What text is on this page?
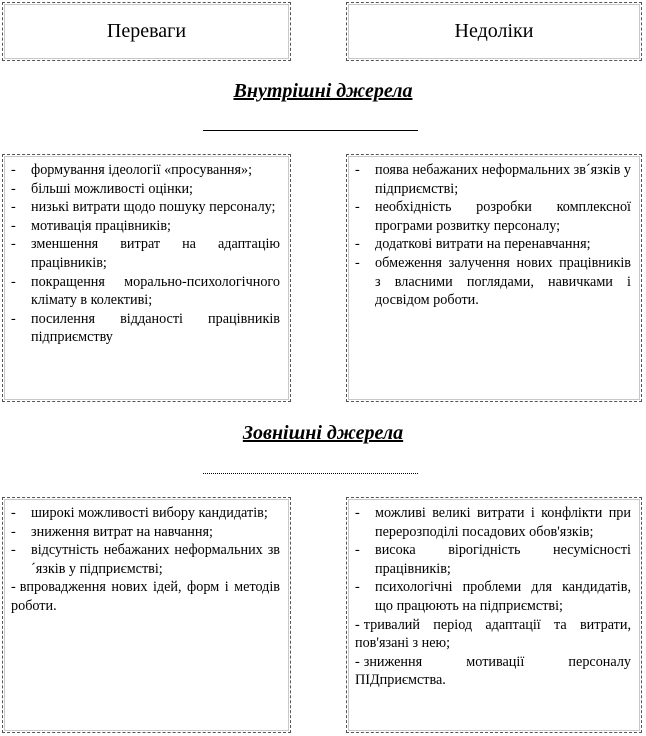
Переваги	Недоліки
Внутрішні джерела
- формування ідеології «просування»;
- більші можливості оцінки;
- низькі витрати щодо пошуку персоналу;
- мотивація працівників;
- зменшення витрат на адаптацію працівників;
- покращення морально-психологічного клімату в колективі;
- посилення відданості працівників підприємству
- поява небажаних неформальних зв´язків у підприємстві;
- необхідність розробки комплексної програми розвитку персоналу;
- додаткові витрати на перенавчання;
- обмеження залучення нових працівників з власними поглядами, навичками і досвідом роботи.
Зовнішні джерела
- широкі можливості вибору кандидатів;
- зниження витрат на навчання;
- відсутність небажаних неформальних зв´язків у підприємстві;
- впровадження нових ідей, форм і методів роботи.
- можливі великі витрати і конфлікти при перерозподілі посадових обов'язків;
- висока вірогідність несумісності працівників;
- психологічні проблеми для кандидатів, що працюють на підприємстві;
- тривалий період адаптації та витрати, пов'язані з нею;
- зниження мотивації персоналу ПІДприємства.
